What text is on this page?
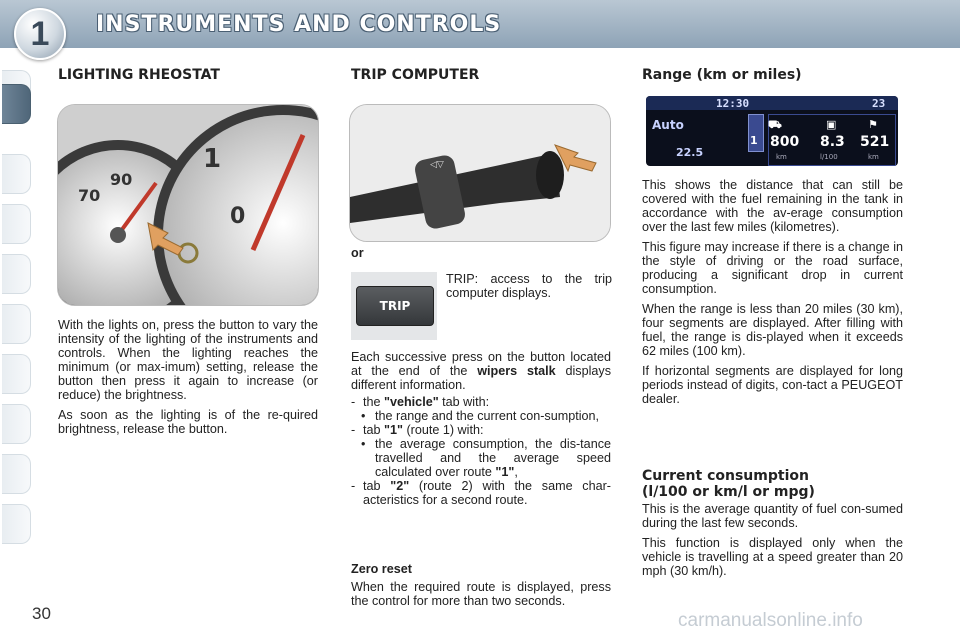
1	INSTRUMENTS AND CONTROLS
LIGHTING RHEOSTAT
90
70
1
0

With the lights on, press the button to vary the intensity of the lighting of the instruments and controls. When the lighting reaches the minimum (or max-imum) setting, release the button then press it again to increase (or reduce) the brightness.

As soon as the lighting is of the re-quired brightness, release the button.

TRIP COMPUTER
◁▽
or
TRIP
TRIP: access to the trip computer displays.

Each successive press on the button located at the end of the wipers stalk displays different information.

- the "vehicle" tab with:
• the range and the current con-sumption,
- tab "1" (route 1) with:
• the average consumption, the dis-tance travelled and the average speed calculated over route "1",
- tab "2" (route 2) with the same char-acteristics for a second route.
Zero reset
When the required route is displayed, press the control for more than two seconds.
Range (km or miles)
12:30	23
Auto
22.5
1
⛟	▣	⚑
800 8.3 521
km	l/100	km

This shows the distance that can still be covered with the fuel remaining in the tank in accordance with the av-erage consumption over the last few miles (kilometres).

This figure may increase if there is a change in the style of driving or the road surface, producing a significant drop in current consumption.

When the range is less than 20 miles (30 km), four segments are displayed. After filling with fuel, the range is dis-played when it exceeds 62 miles (100 km).

If horizontal segments are displayed for long periods instead of digits, con-tact a PEUGEOT dealer.

Current consumption
(l/100 or km/l or mpg)

This is the average quantity of fuel con-sumed during the last few seconds.

This function is displayed only when the vehicle is travelling at a speed greater than 20 mph (30 km/h).

30	carmanualsonline.info
